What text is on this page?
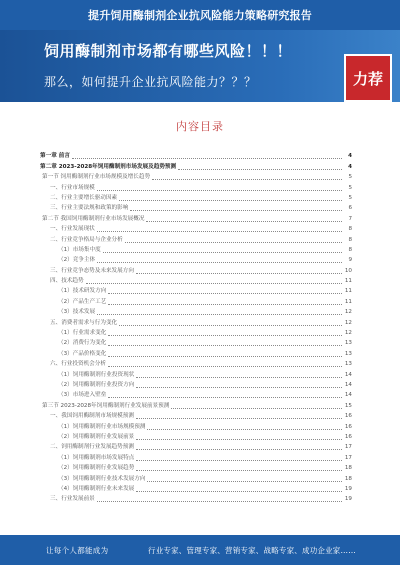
提升饲用酶制剂企业抗风险能力策略研究报告
饲用酶制剂市场都有哪些风险！！！
那么，如何提升企业抗风险能力？？？	力荐
内容目录
第一章 前言	4
第二章 2023-2028年饲用酶制剂市场发展及趋势预测	4
第一节 饲用酶制剂行业市场规模及增长趋势	5
一、行业市场规模	5
二、行业主要增长驱动因素	5
三、行业主要法规和政策的影响	6
第二节 我国饲用酶制剂行业市场发展概况	7
一、行业发展现状	8
二、行业竞争格局与企业分析	8
（1）市场集中度	8
（2）竞争主体	9
三、行业竞争态势及未来发展方向	10
四、技术趋势	11
（1）技术研发方向	11
（2）产品生产工艺	11
（3）技术发展	12
五、消费者需求与行为变化	12
（1）行业需求变化	12
（2）消费行为变化	13
（3）产品价格变化	13
六、行业投资机会分析	13
（1）饲用酶制剂行业投资现状	14
（2）饲用酶制剂行业投资方向	14
（3）市场进入壁垒	14
第三节 2023-2028年饲用酶制剂行业发展前景预测	15
一、我国饲用酶制剂市场规模预测	16
（1）饲用酶制剂行业市场规模预测	16
（2）饲用酶制剂行业发展前景	16
二、饲用酶制剂行业发展趋势预测	17
（1）饲用酶制剂市场发展特点	17
（2）饲用酶制剂行业发展趋势	18
（3）饲用酶制剂行业技术发展方向	18
（4）饲用酶制剂行业未来发展	19
三、行业发展前景	19
让每个人都能成为	行业专家、管理专家、营销专家、战略专家、成功企业家……
